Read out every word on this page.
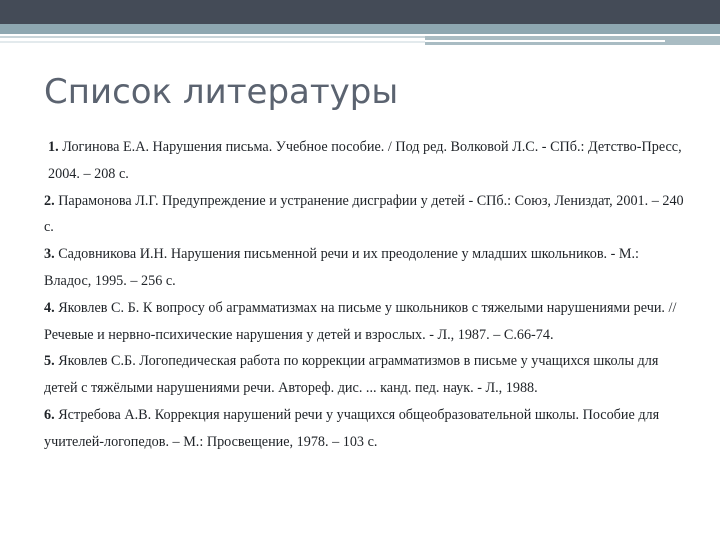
Список литературы
1. Логинова Е.А. Нарушения письма. Учебное пособие. / Под ред. Волковой Л.С. - СПб.: Детство-Пресс, 2004. – 208 с.
2. Парамонова Л.Г. Предупреждение и устранение дисграфии у детей - СПб.: Союз, Лениздат, 2001. – 240 с.
3. Садовникова И.Н. Нарушения письменной речи и их преодоление у младших школьников. - М.: Владос, 1995. – 256 с.
4. Яковлев С. Б. К вопросу об аграмматизмах на письме у школьников с тяжелыми нарушениями речи. // Речевые и нервно-психические нарушения у детей и взрослых. - Л., 1987. – С.66-74.
5. Яковлев С.Б. Логопедическая работа по коррекции аграмматизмов в письме у учащихся школы для детей с тяжёлыми нарушениями речи. Автореф. дис. ... канд. пед. наук. - Л., 1988.
6. Ястребова А.В. Коррекция нарушений речи у учащихся общеобразовательной школы. Пособие для учителей-логопедов. – М.: Просвещение, 1978. – 103 с.
